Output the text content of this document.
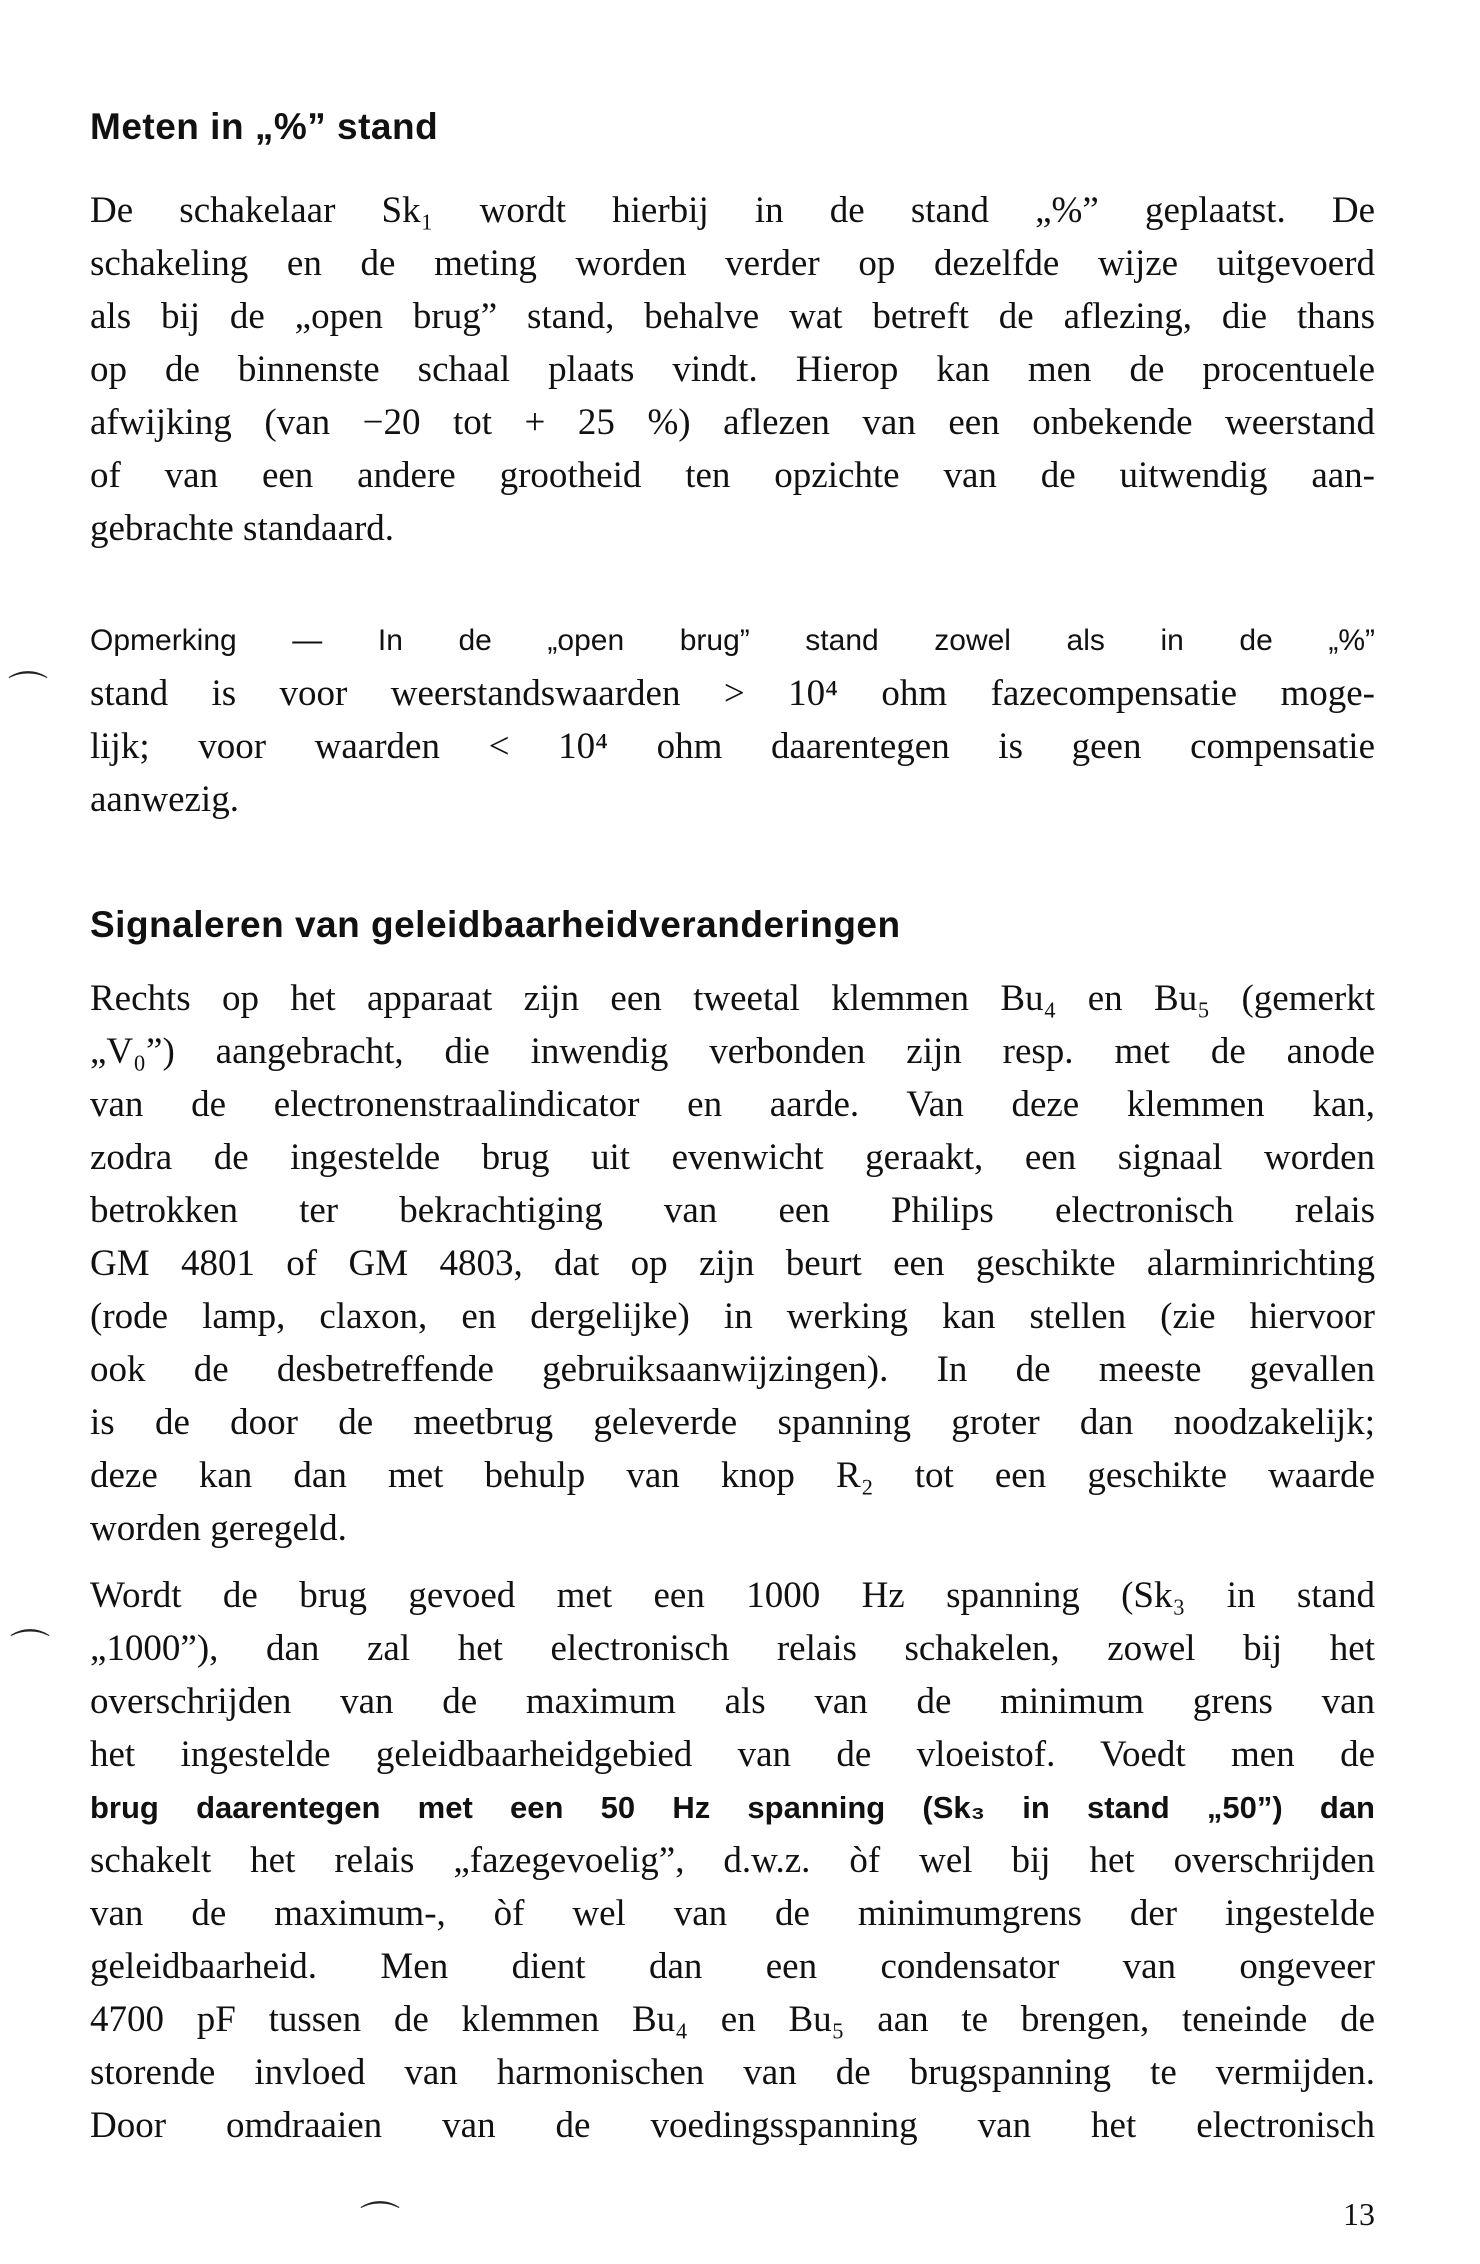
Meten in „%” stand
De schakelaar Sk₁ wordt hierbij in de stand „%” geplaatst. De
schakeling en de meting worden verder op dezelfde wijze uitgevoerd
als bij de „open brug” stand, behalve wat betreft de aflezing, die thans
op de binnenste schaal plaats vindt. Hierop kan men de procentuele
afwijking (van −20 tot + 25 %) aflezen van een onbekende weerstand
of van een andere grootheid ten opzichte van de uitwendig aan-
gebrachte standaard.
Opmerking — In de „open brug” stand zowel als in de „%”
stand is voor weerstandswaarden > 10⁴ ohm fazecompensatie moge-
lijk; voor waarden < 10⁴ ohm daarentegen is geen compensatie
aanwezig.
Signaleren van geleidbaarheidveranderingen
Rechts op het apparaat zijn een tweetal klemmen Bu₄ en Bu₅ (gemerkt
„V₀”) aangebracht, die inwendig verbonden zijn resp. met de anode
van de electronenstraalindicator en aarde. Van deze klemmen kan,
zodra de ingestelde brug uit evenwicht geraakt, een signaal worden
betrokken ter bekrachtiging van een Philips electronisch relais
GM 4801 of GM 4803, dat op zijn beurt een geschikte alarminrichting
(rode lamp, claxon, en dergelijke) in werking kan stellen (zie hiervoor
ook de desbetreffende gebruiksaanwijzingen). In de meeste gevallen
is de door de meetbrug geleverde spanning groter dan noodzakelijk;
deze kan dan met behulp van knop R₂ tot een geschikte waarde
worden geregeld.
Wordt de brug gevoed met een 1000 Hz spanning (Sk₃ in stand
„1000”), dan zal het electronisch relais schakelen, zowel bij het
overschrijden van de maximum als van de minimum grens van
het ingestelde geleidbaarheidgebied van de vloeistof. Voedt men de
brug daarentegen met een 50 Hz spanning (Sk₃ in stand „50”) dan
schakelt het relais „fazegevoelig”, d.w.z. òf wel bij het overschrijden
van de maximum-, òf wel van de minimumgrens der ingestelde
geleidbaarheid. Men dient dan een condensator van ongeveer
4700 pF tussen de klemmen Bu₄ en Bu₅ aan te brengen, teneinde de
storende invloed van harmonischen van de brugspanning te vermijden.
Door omdraaien van de voedingsspanning van het electronisch
⌒
⌒
⌒	13
